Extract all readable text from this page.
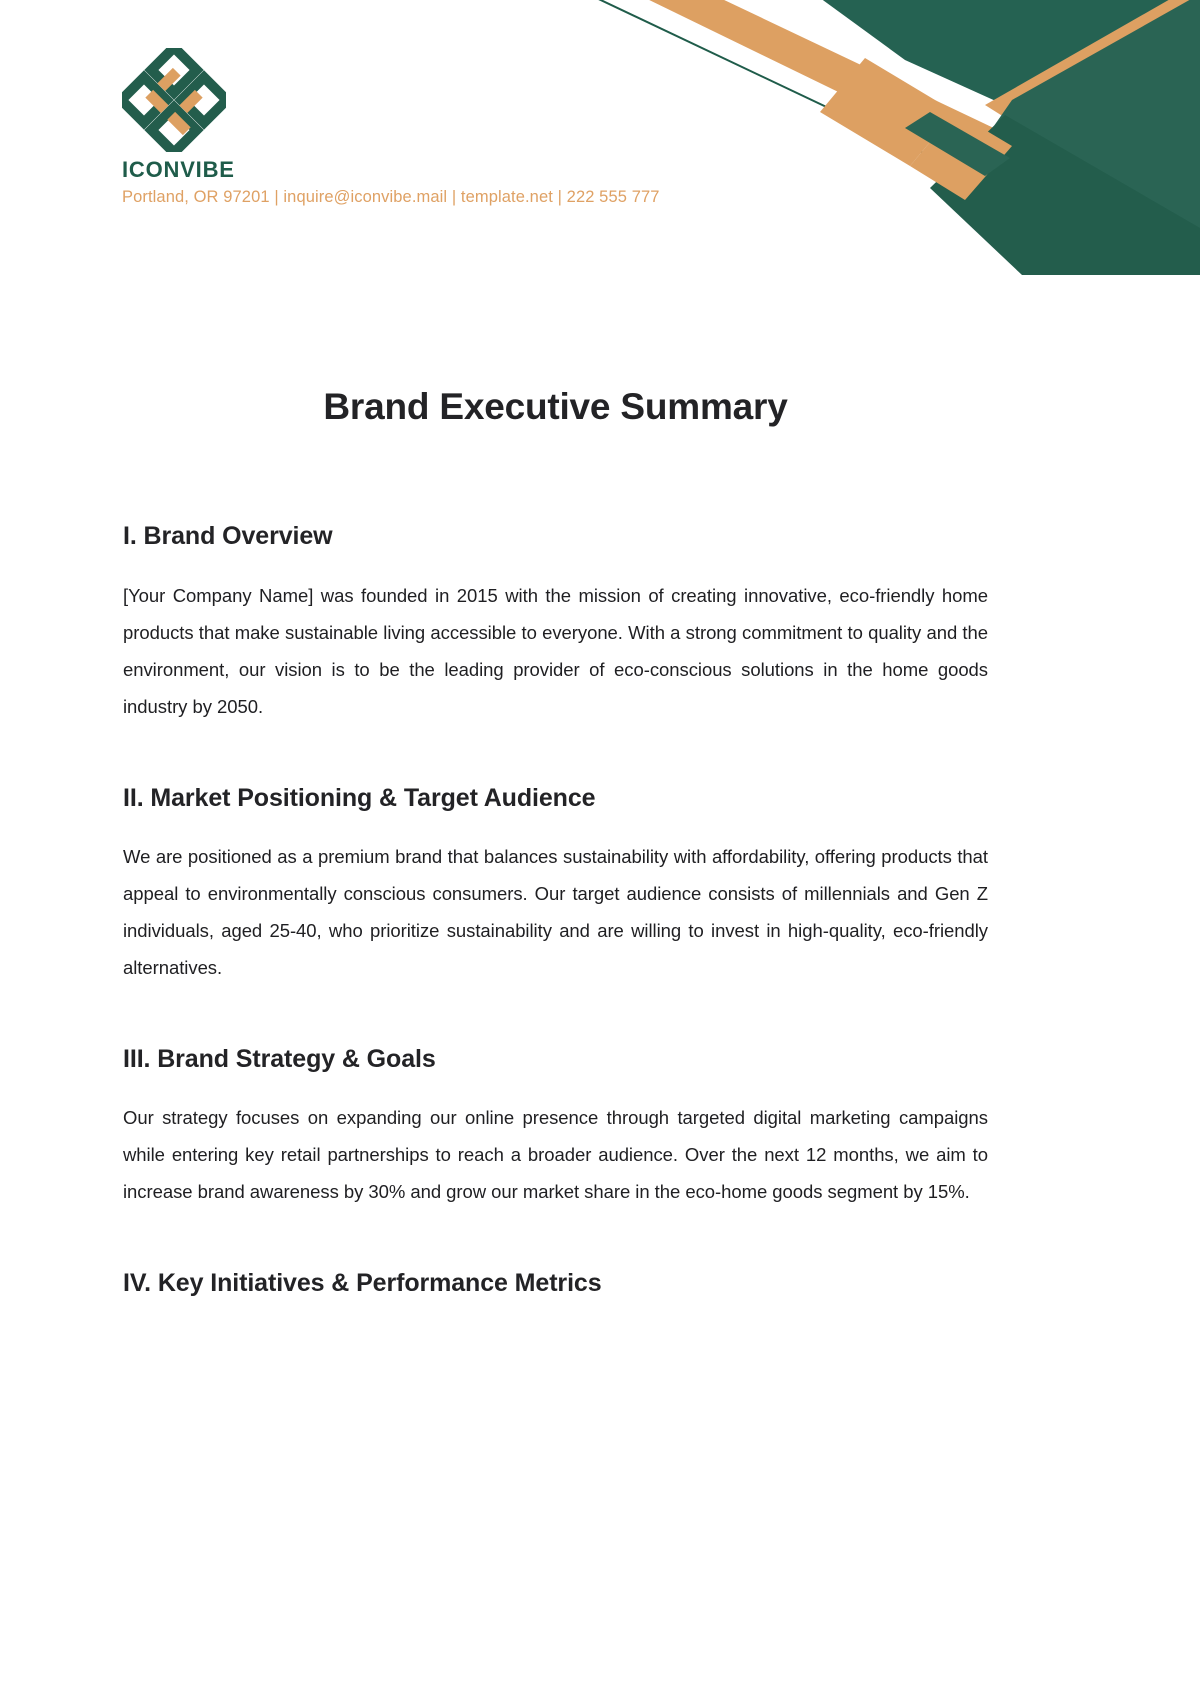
ICONVIBE
Portland, OR 97201 | inquire@iconvibe.mail | template.net | 222 555 777
Brand Executive Summary
I. Brand Overview

[Your Company Name] was founded in 2015 with the mission of creating innovative, eco-friendly home products that make sustainable living accessible to everyone. With a strong commitment to quality and the environment, our vision is to be the leading provider of eco-conscious solutions in the home goods industry by 2050.

II. Market Positioning & Target Audience

We are positioned as a premium brand that balances sustainability with affordability, offering products that appeal to environmentally conscious consumers. Our target audience consists of millennials and Gen Z individuals, aged 25-40, who prioritize sustainability and are willing to invest in high-quality, eco-friendly alternatives.

III. Brand Strategy & Goals

Our strategy focuses on expanding our online presence through targeted digital marketing campaigns while entering key retail partnerships to reach a broader audience. Over the next 12 months, we aim to increase brand awareness by 30% and grow our market share in the eco-home goods segment by 15%.

IV. Key Initiatives & Performance Metrics
